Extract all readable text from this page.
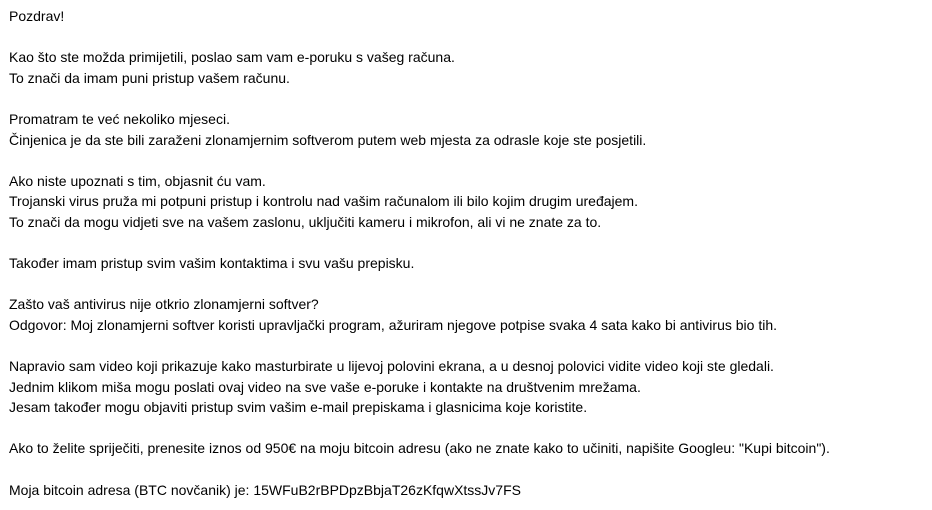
Pozdrav!
Kao što ste možda primijetili, poslao sam vam e-poruku s vašeg računa.
To znači da imam puni pristup vašem računu.
Promatram te već nekoliko mjeseci.
Činjenica je da ste bili zaraženi zlonamjernim softverom putem web mjesta za odrasle koje ste posjetili.
Ako niste upoznati s tim, objasnit ću vam.
Trojanski virus pruža mi potpuni pristup i kontrolu nad vašim računalom ili bilo kojim drugim uređajem.
To znači da mogu vidjeti sve na vašem zaslonu, uključiti kameru i mikrofon, ali vi ne znate za to.
Također imam pristup svim vašim kontaktima i svu vašu prepisku.
Zašto vaš antivirus nije otkrio zlonamjerni softver?
Odgovor: Moj zlonamjerni softver koristi upravljački program, ažuriram njegove potpise svaka 4 sata kako bi antivirus bio tih.
Napravio sam video koji prikazuje kako masturbirate u lijevoj polovini ekrana, a u desnoj polovici vidite video koji ste gledali.
Jednim klikom miša mogu poslati ovaj video na sve vaše e-poruke i kontakte na društvenim mrežama.
Jesam također mogu objaviti pristup svim vašim e-mail prepiskama i glasnicima koje koristite.
Ako to želite spriječiti, prenesite iznos od 950€ na moju bitcoin adresu (ako ne znate kako to učiniti, napišite Googleu: "Kupi bitcoin").
Moja bitcoin adresa (BTC novčanik) je: 15WFuB2rBPDpzBbjaT26zKfqwXtssJv7FS
